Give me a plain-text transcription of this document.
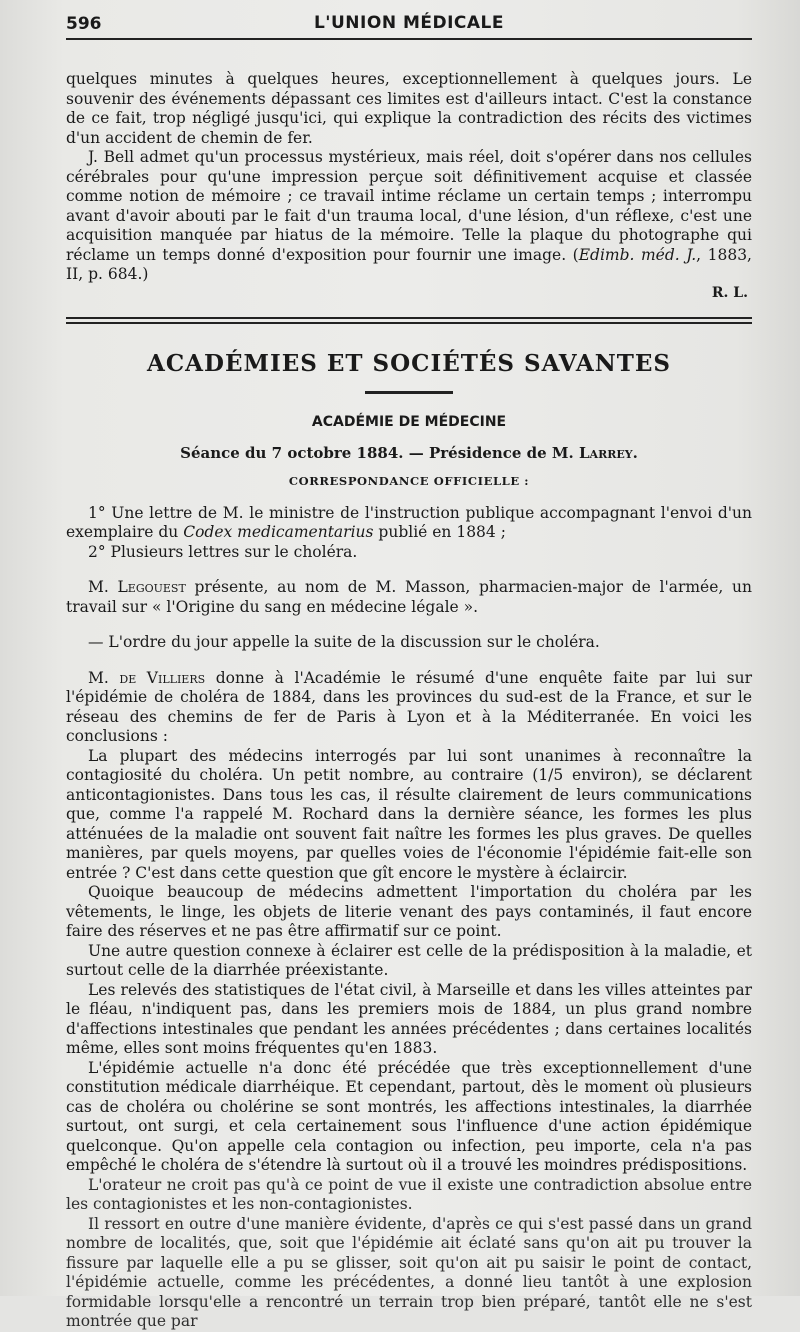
596	L'UNION MÉDICALE

quelques minutes à quelques heures, exceptionnellement à quelques jours. Le souvenir des événements dépassant ces limites est d'ailleurs intact. C'est la constance de ce fait, trop négligé jusqu'ici, qui explique la contradiction des récits des victimes d'un accident de chemin de fer.

J. Bell admet qu'un processus mystérieux, mais réel, doit s'opérer dans nos cellules cérébrales pour qu'une impression perçue soit définitivement acquise et classée comme notion de mémoire ; ce travail intime réclame un certain temps ; interrompu avant d'avoir abouti par le fait d'un trauma local, d'une lésion, d'un réflexe, c'est une acquisition manquée par hiatus de la mémoire. Telle la plaque du photographe qui réclame un temps donné d'exposition pour fournir une image. (Edimb. méd. J., 1883, II, p. 684.)

R. L.

ACADÉMIES ET SOCIÉTÉS SAVANTES
ACADÉMIE DE MÉDECINE
Séance du 7 octobre 1884. — Présidence de M. Larrey.
CORRESPONDANCE OFFICIELLE :

1° Une lettre de M. le ministre de l'instruction publique accompagnant l'envoi d'un exemplaire du Codex medicamentarius publié en 1884 ;

2° Plusieurs lettres sur le choléra.

M. Legouest présente, au nom de M. Masson, pharmacien-major de l'armée, un travail sur « l'Origine du sang en médecine légale ».

— L'ordre du jour appelle la suite de la discussion sur le choléra.

M. de Villiers donne à l'Académie le résumé d'une enquête faite par lui sur l'épidémie de choléra de 1884, dans les provinces du sud-est de la France, et sur le réseau des chemins de fer de Paris à Lyon et à la Méditerranée. En voici les conclusions :

La plupart des médecins interrogés par lui sont unanimes à reconnaître la contagiosité du choléra. Un petit nombre, au contraire (1/5 environ), se déclarent anticontagionistes. Dans tous les cas, il résulte clairement de leurs communications que, comme l'a rappelé M. Rochard dans la dernière séance, les formes les plus atténuées de la maladie ont souvent fait naître les formes les plus graves. De quelles manières, par quels moyens, par quelles voies de l'économie l'épidémie fait-elle son entrée ? C'est dans cette question que gît encore le mystère à éclaircir.

Quoique beaucoup de médecins admettent l'importation du choléra par les vêtements, le linge, les objets de literie venant des pays contaminés, il faut encore faire des réserves et ne pas être affirmatif sur ce point.

Une autre question connexe à éclairer est celle de la prédisposition à la maladie, et surtout celle de la diarrhée préexistante.

Les relevés des statistiques de l'état civil, à Marseille et dans les villes atteintes par le fléau, n'indiquent pas, dans les premiers mois de 1884, un plus grand nombre d'affections intestinales que pendant les années précédentes ; dans certaines localités même, elles sont moins fréquentes qu'en 1883.

L'épidémie actuelle n'a donc été précédée que très exceptionnellement d'une constitution médicale diarrhéique. Et cependant, partout, dès le moment où plusieurs cas de choléra ou cholérine se sont montrés, les affections intestinales, la diarrhée surtout, ont surgi, et cela certainement sous l'influence d'une action épidémique quelconque. Qu'on appelle cela contagion ou infection, peu importe, cela n'a pas empêché le choléra de s'étendre là surtout où il a trouvé les moindres prédispositions.

L'orateur ne croit pas qu'à ce point de vue il existe une contradiction absolue entre les contagionistes et les non-contagionistes.

Il ressort en outre d'une manière évidente, d'après ce qui s'est passé dans un grand nombre de localités, que, soit que l'épidémie ait éclaté sans qu'on ait pu trouver la fissure par laquelle elle a pu se glisser, soit qu'on ait pu saisir le point de contact, l'épidémie actuelle, comme les précédentes, a donné lieu tantôt à une explosion formidable lorsqu'elle a rencontré un terrain trop bien préparé, tantôt elle ne s'est montrée que par
